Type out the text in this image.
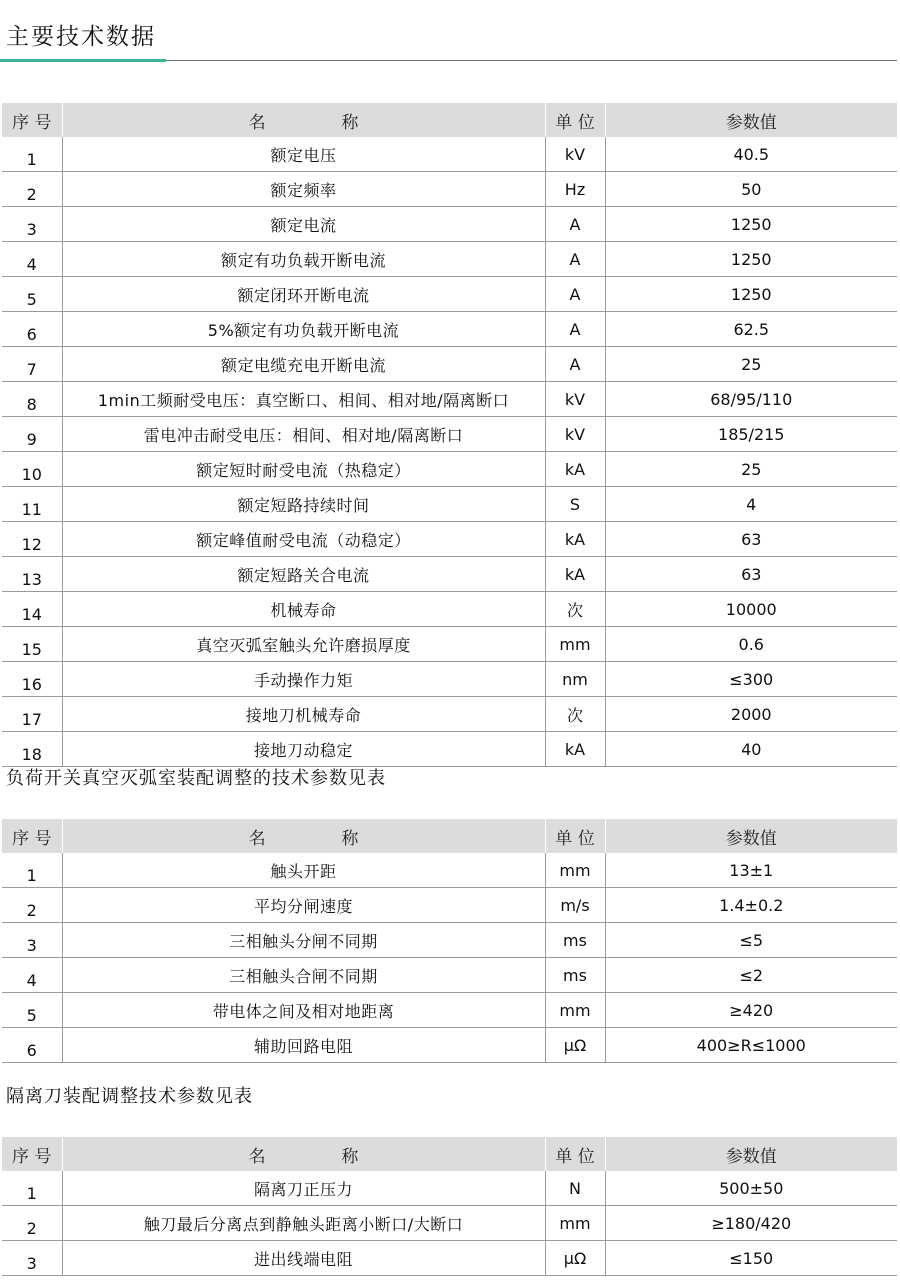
主要技术数据
序 号	名              称	单 位	参数值
1	额定电压	kV	40.5
2	额定频率	Hz	50
3	额定电流	A	1250
4	额定有功负载开断电流	A	1250
5	额定闭环开断电流	A	1250
6	5%额定有功负载开断电流	A	62.5
7	额定电缆充电开断电流	A	25
8	1min工频耐受电压：真空断口、相间、相对地/隔离断口	kV	68/95/110
9	雷电冲击耐受电压：相间、相对地/隔离断口	kV	185/215
10	额定短时耐受电流（热稳定）	kA	25
11	额定短路持续时间	S	4
12	额定峰值耐受电流（动稳定）	kA	63
13	额定短路关合电流	kA	63
14	机械寿命	次	10000
15	真空灭弧室触头允许磨损厚度	mm	0.6
16	手动操作力矩	nm	≤300
17	接地刀机械寿命	次	2000
18	接地刀动稳定	kA	40
负荷开关真空灭弧室装配调整的技术参数见表
序 号	名              称	单 位	参数值
1	触头开距	mm	13±1
2	平均分闸速度	m/s	1.4±0.2
3	三相触头分闸不同期	ms	≤5
4	三相触头合闸不同期	ms	≤2
5	带电体之间及相对地距离	mm	≥420
6	辅助回路电阻	μΩ	400≥R≤1000
隔离刀装配调整技术参数见表
序 号	名              称	单 位	参数值
1	隔离刀正压力	N	500±50
2	触刀最后分离点到静触头距离小断口/大断口	mm	≥180/420
3	进出线端电阻	μΩ	≤150
